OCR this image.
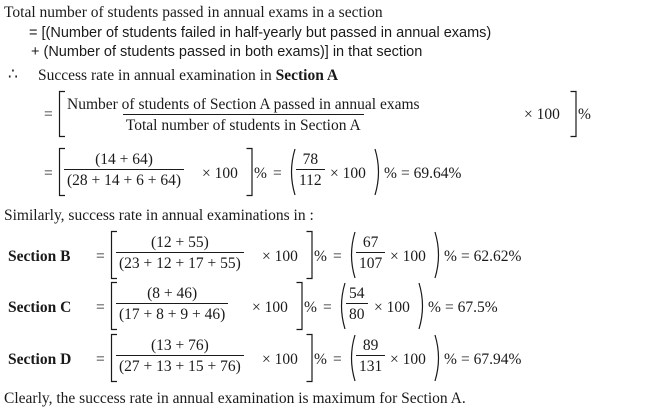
Total number of students passed in annual exams in a section
= [(Number of students failed in half-yearly but passed in annual exams)
+ (Number of students passed in both exams)] in that section
∴ Success rate in annual examination in Section A
=
Number of students of Section A passed in annual exams
Total number of students in Section A
× 100 %
= $\frac{(14 + 64)}{(28 + 14 + 6 + 64)} \times 100$ % = $\frac{78}{112} \times 100$ % = 69.64%
Similarly, success rate in annual examinations in :
Section $B = \frac{(12 + 55)}{(23 + 12 + 17 + 55)} \times 100$ % = $\frac{67}{107} \times 100$ % = 62.62%
Section $C = \frac{(8 + 46)}{(17 + 8 + 9 + 46)} \times 100$ % = $\frac{54}{80} \times 100$ % = 67.5%
Section $D = \frac{(13 + 76)}{(27 + 13 + 15 + 76)} \times 100$ % = $\frac{89}{131} \times 100$ % = 67.94%
Clearly, the success rate in annual examination is maximum for Section A.
